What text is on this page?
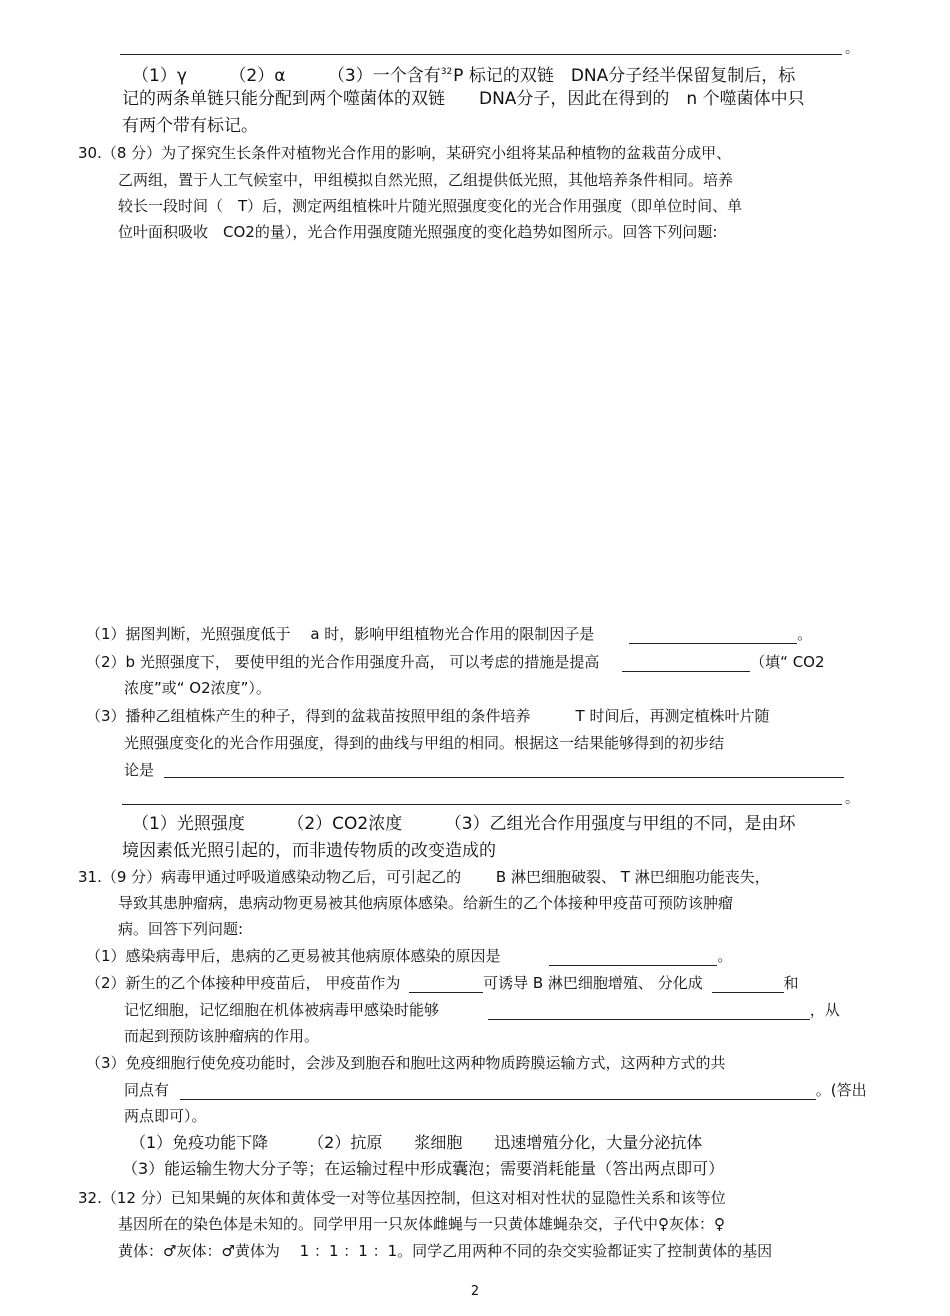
。
（1）γ　　　（2）α　　　（3）一个含有$^{32}$P 标记的双链　DNA分子经半保留复制后，标
记的两条单链只能分配到两个噬菌体的双链　　DNA分子，因此在得到的　n 个噬菌体中只
有两个带有标记。
30.（8 分）为了探究生长条件对植物光合作用的影响，某研究小组将某品种植物的盆栽苗分成甲、
乙两组，置于人工气候室中，甲组模拟自然光照，乙组提供低光照，其他培养条件相同。培养
较长一段时间（　T）后，测定两组植株叶片随光照强度变化的光合作用强度（即单位时间、单
位叶面积吸收　CO2的量），光合作用强度随光照强度的变化趋势如图所示。回答下列问题:
（1）据图判断，光照强度低于　 a 时，影响甲组植物光合作用的限制因子是	。
（2）b 光照强度下， 要使甲组的光合作用强度升高， 可以考虑的措施是提高	（填“ CO2
浓度”或“ O2浓度”）。
（3）播种乙组植株产生的种子，得到的盆栽苗按照甲组的条件培养　　　T 时间后，再测定植株叶片随
光照强度变化的光合作用强度，得到的曲线与甲组的相同。根据这一结果能够得到的初步结
论是
。
（1）光照强度　　　（2）CO2浓度　　　（3）乙组光合作用强度与甲组的不同，是由环
境因素低光照引起的，而非遗传物质的改变造成的
31.（9 分）病毒甲通过呼吸道感染动物乙后，可引起乙的　　 B 淋巴细胞破裂、 T 淋巴细胞功能丧失，
导致其患肿瘤病，患病动物更易被其他病原体感染。给新生的乙个体接种甲疫苗可预防该肿瘤
病。回答下列问题:
（1）感染病毒甲后，患病的乙更易被其他病原体感染的原因是	。
（2）新生的乙个体接种甲疫苗后， 甲疫苗作为	可诱导 B 淋巴细胞增殖、 分化成	和
记忆细胞，记忆细胞在机体被病毒甲感染时能够	，从
而起到预防该肿瘤病的作用。
（3）免疫细胞行使免疫功能时，会涉及到胞吞和胞吐这两种物质跨膜运输方式，这两种方式的共
同点有	。(答出
两点即可）。
（1）免疫功能下降　　　（2）抗原　　浆细胞　　迅速增殖分化，大量分泌抗体
（3）能运输生物大分子等；在运输过程中形成囊泡；需要消耗能量（答出两点即可）
32.（12 分）已知果蝇的灰体和黄体受一对等位基因控制，但这对相对性状的显隐性关系和该等位
基因所在的染色体是未知的。同学甲用一只灰体雌蝇与一只黄体雄蝇杂交，子代中♀灰体：♀
黄体：♂灰体：♂黄体为　 1 ：1 ：1 ：1。同学乙用两种不同的杂交实验都证实了控制黄体的基因
2
